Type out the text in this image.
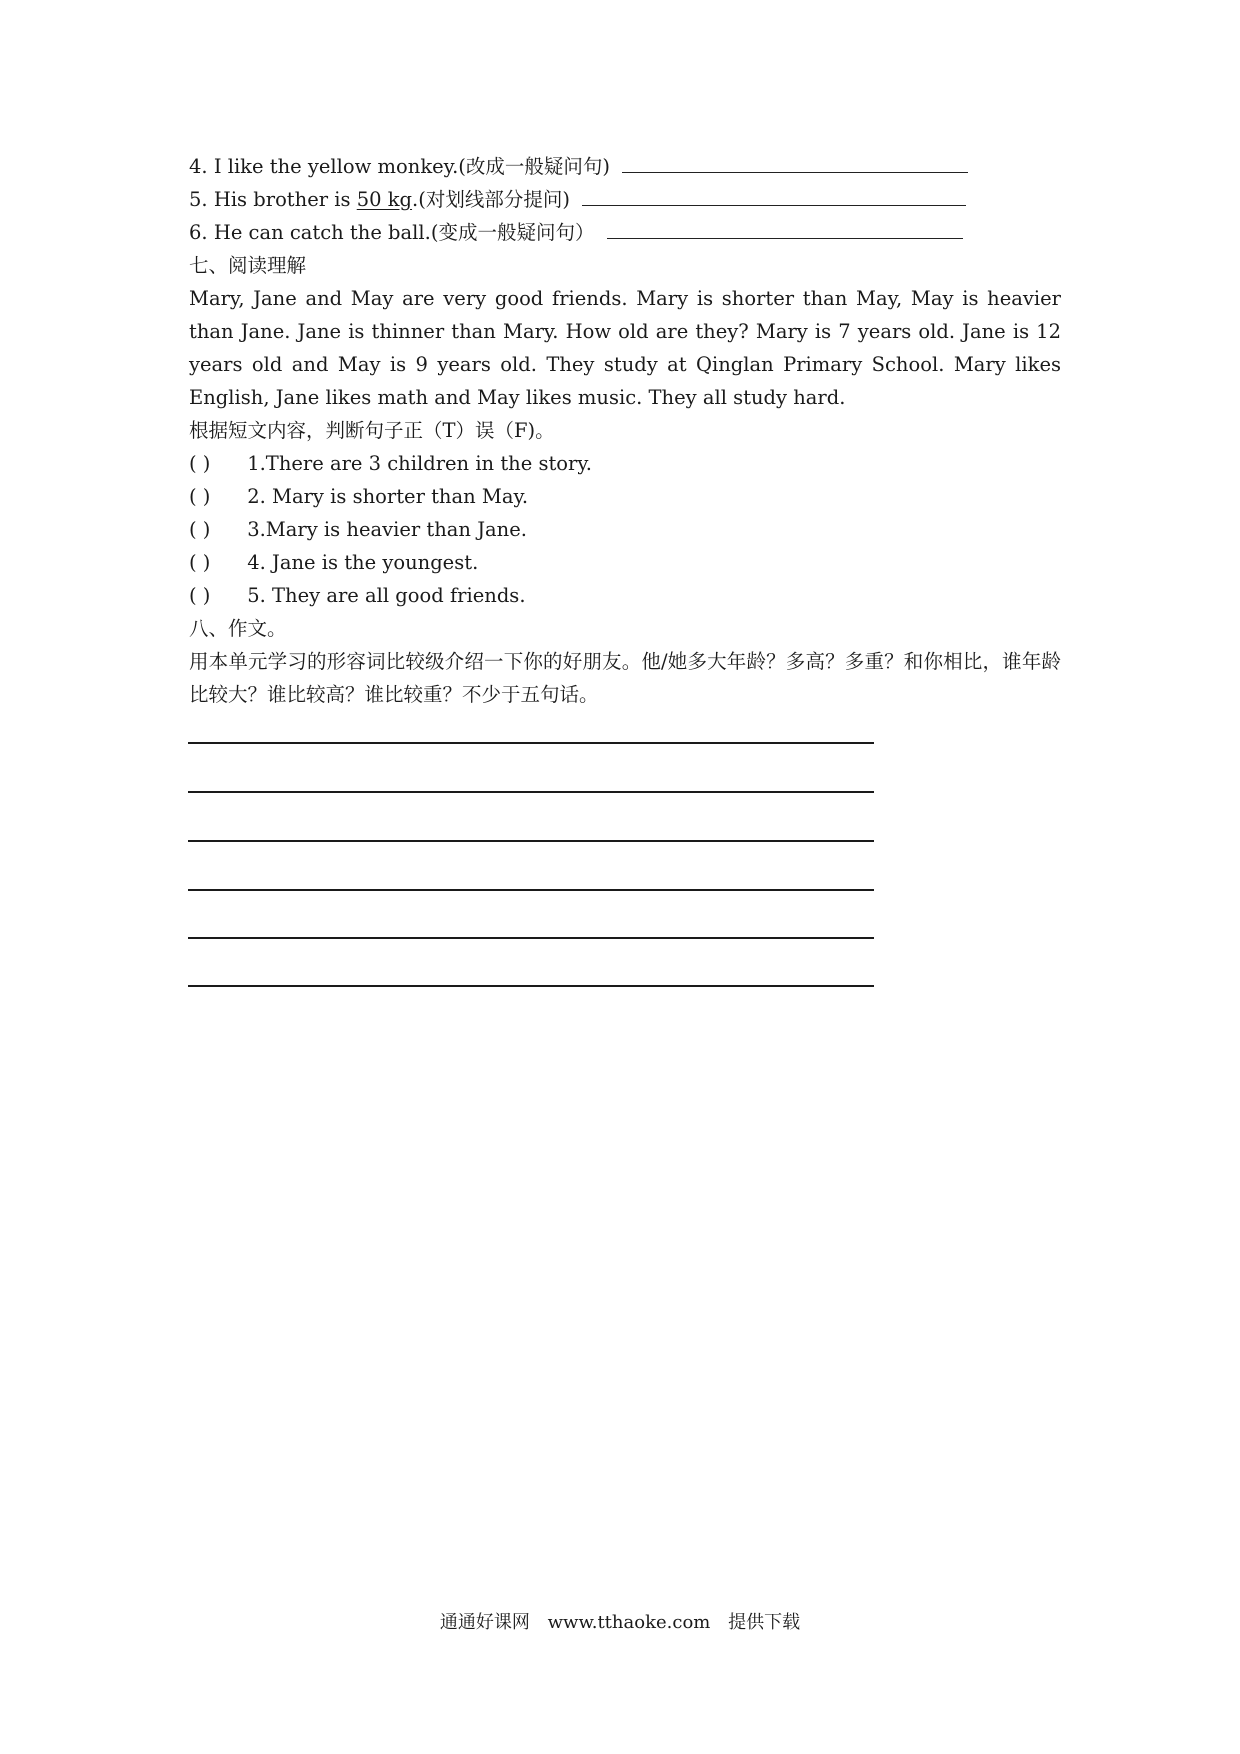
4. I like the yellow monkey.(改成一般疑问句)
5. His brother is 50 kg.(对划线部分提问)
6. He can catch the ball.(变成一般疑问句）
七、阅读理解
Mary, Jane and May are very good friends. Mary is shorter than May, May is heavier than Jane. Jane is thinner than Mary. How old are they? Mary is 7 years old. Jane is 12 years old and May is 9 years old. They study at Qinglan Primary School. Mary likes English, Jane likes math and May likes music. They all study hard.
根据短文内容，判断句子正（T）误（F)。
( ) 1.There are 3 children in the story.
( ) 2. Mary is shorter than May.
( ) 3.Mary is heavier than Jane.
( ) 4. Jane is the youngest.
( ) 5. They are all good friends.
八、作文。
用本单元学习的形容词比较级介绍一下你的好朋友。他/她多大年龄？多高？多重？和你相比，谁年龄比较大？谁比较高？谁比较重？不少于五句话。
通通好课网 www.tthaoke.com 提供下载
